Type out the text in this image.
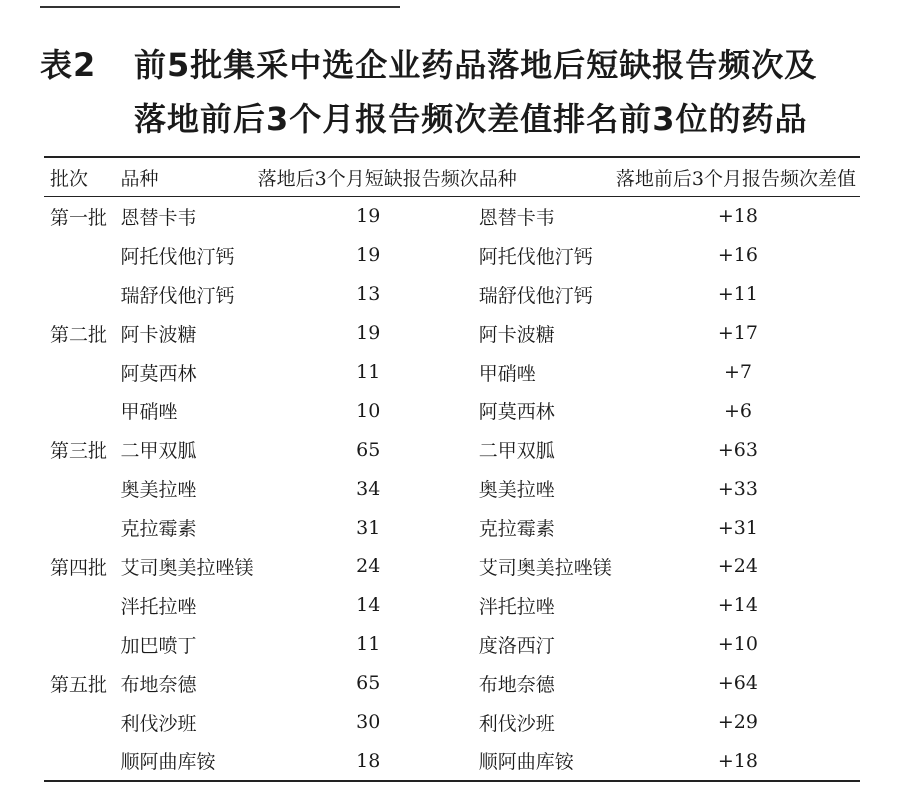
表2 前5批集采中选企业药品落地后短缺报告频次及
落地前后3个月报告频次差值排名前3位的药品
批次	品种	落地后3个月短缺报告频次	品种	落地前后3个月报告频次差值
第一批	恩替卡韦	19	恩替卡韦	+18
	阿托伐他汀钙	19	阿托伐他汀钙	+16
	瑞舒伐他汀钙	13	瑞舒伐他汀钙	+11
第二批	阿卡波糖	19	阿卡波糖	+17
	阿莫西林	11	甲硝唑	+7
	甲硝唑	10	阿莫西林	+6
第三批	二甲双胍	65	二甲双胍	+63
	奥美拉唑	34	奥美拉唑	+33
	克拉霉素	31	克拉霉素	+31
第四批	艾司奥美拉唑镁	24	艾司奥美拉唑镁	+24
	泮托拉唑	14	泮托拉唑	+14
	加巴喷丁	11	度洛西汀	+10
第五批	布地奈德	65	布地奈德	+64
	利伐沙班	30	利伐沙班	+29
	顺阿曲库铵	18	顺阿曲库铵	+18
